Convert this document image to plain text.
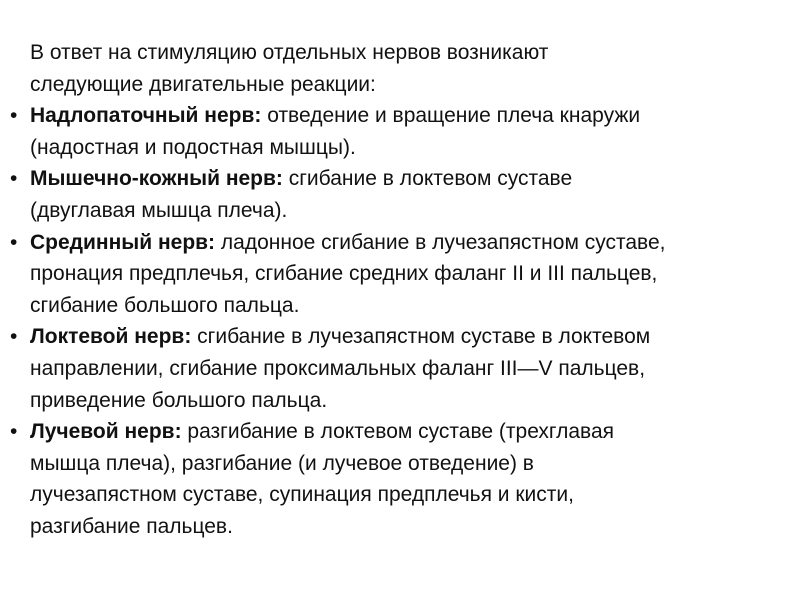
В ответ на стимуляцию отдельных нервов возникают
следующие двигательные реакции:

• Надлопаточный нерв: отведение и вращение плеча кнаружи
(надостная и подостная мышцы).
• Мышечно-кожный нерв: сгибание в локтевом суставе
(двуглавая мышца плеча).
• Срединный нерв: ладонное сгибание в лучезапястном суставе,
пронация предплечья, сгибание средних фаланг II и III пальцев,
сгибание большого пальца.
• Локтевой нерв: сгибание в лучезапястном суставе в локтевом
направлении, сгибание проксимальных фаланг III—V пальцев,
приведение большого пальца.
• Лучевой нерв: разгибание в локтевом суставе (трехглавая
мышца плеча), разгибание (и лучевое отведение) в
лучезапястном суставе, супинация предплечья и кисти,
разгибание пальцев.
